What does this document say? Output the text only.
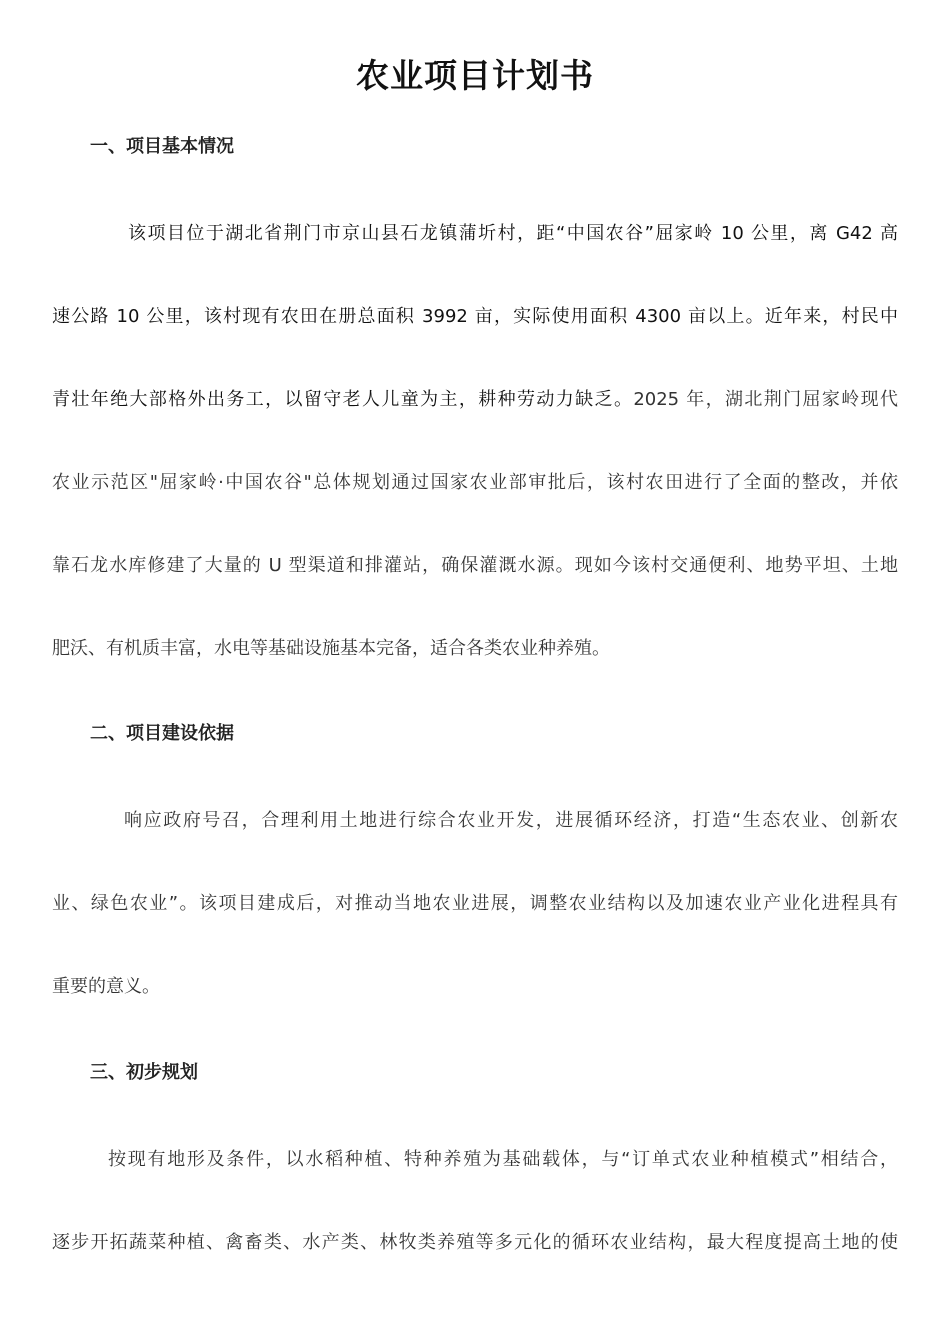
农业项目计划书
一、项目基本情况
该项目位于湖北省荆门市京山县石龙镇蒲圻村，距“中国农谷”屈家岭 10 公里，离 G42 高
速公路 10 公里，该村现有农田在册总面积 3992 亩，实际使用面积 4300 亩以上。近年来，村民中
青壮年绝大部格外出务工，以留守老人儿童为主，耕种劳动力缺乏。2025 年，湖北荆门屈家岭现代
农业示范区"屈家岭·中国农谷"总体规划通过国家农业部审批后，该村农田进行了全面的整改，并依
靠石龙水库修建了大量的 U 型渠道和排灌站，确保灌溉水源。现如今该村交通便利、地势平坦、土地
肥沃、有机质丰富，水电等基础设施基本完备，适合各类农业种养殖。
二、项目建设依据
响应政府号召，合理利用土地进行综合农业开发，进展循环经济，打造“生态农业、创新农
业、绿色农业”。该项目建成后，对推动当地农业进展，调整农业结构以及加速农业产业化进程具有
重要的意义。
三、初步规划
按现有地形及条件，以水稻种植、特种养殖为基础载体，与“订单式农业种植模式”相结合，
逐步开拓蔬菜种植、禽畜类、水产类、林牧类养殖等多元化的循环农业结构，最大程度提高土地的使
